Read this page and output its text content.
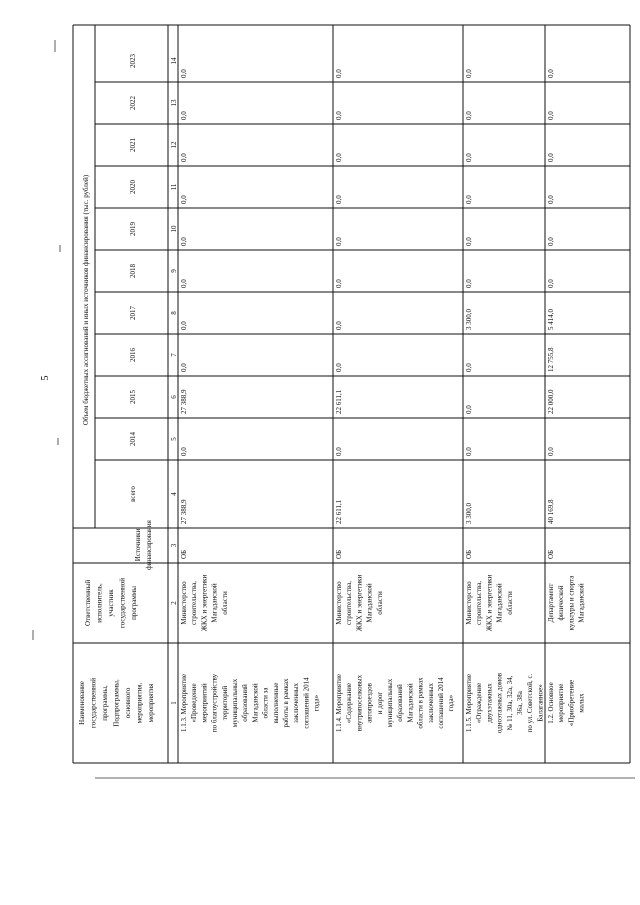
Наименование государственной программы, Подпрограммы, основного мероприятия, мероприятия
Ответственный исполнитель, участник государственной программы
Источники финансирования
Объем бюджетных ассигнований и иных источников финансирования (тыс. рублей)
всего
2014
2015
2016
2017
2018
2019
2020
2021
2022
2023
1
2
3
4
5
6
7
8
9
10
11
12
13
14
1.1.3. Мероприятие «Проведение мероприятий по благоустройству территорий муниципальных образований Магаданской области за выполненные работы в рамках заключенных соглашений 2014 года»
Министерство строительства, ЖКХ и энергетики Магаданской области
ОБ
27 388,9
0,0
27 388,9
0,0
0,0
0,0
0,0
0,0
0,0
0,0
0,0
1.1.4. Мероприятие «Содержание внутрипоселковых автопроездов и дорог муниципальных образований Магаданской области в рамках заключенных соглашений 2014 года»
Министерство строительства, ЖКХ и энергетики Магаданской области
ОБ
22 611,1
0,0
22 611,1
0,0
0,0
0,0
0,0
0,0
0,0
0,0
0,0
1.1.5. Мероприятие «Ограждение двухэтажных одноэтажных домов № 11, 30а, 32а, 34, 36а, 38а по ул. Советской, с. Балаганное»
Министерство строительства, ЖКХ и энергетики Магаданской области
ОБ
3 300,0
0,0
0,0
0,0
3 300,0
0,0
0,0
0,0
0,0
0,0
0,0
1.2. Основное мероприятие «Приобретение малых
Департамент физической культуры и спорта Магаданской
ОБ
40 169,8
0,0
22 000,0
12 755,8
5 414,0
0,0
0,0
0,0
0,0
0,0
0,0
5
